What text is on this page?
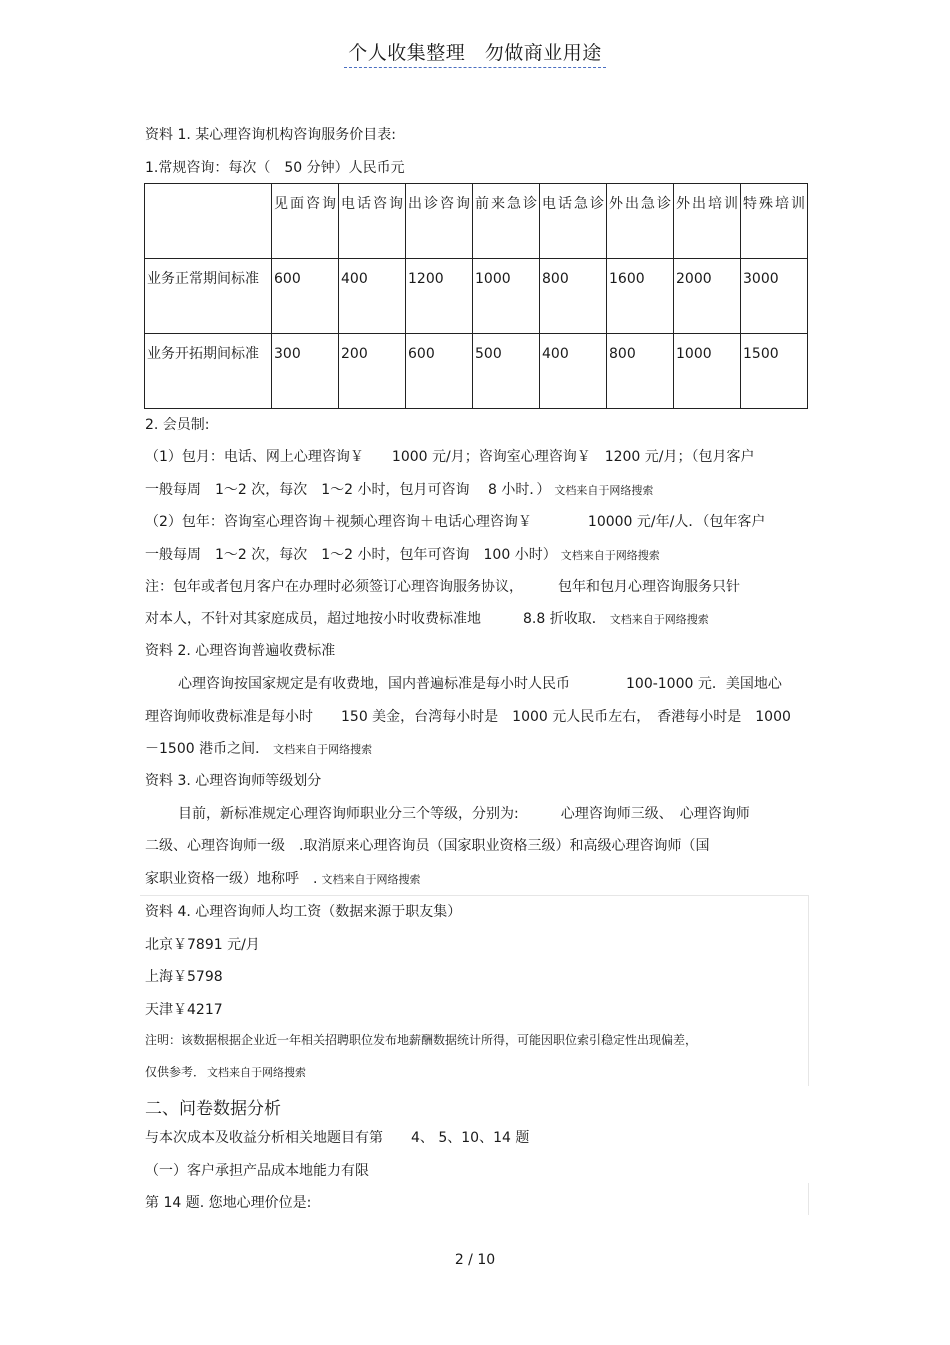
个人收集整理　勿做商业用途
资料 1. 某心理咨询机构咨询服务价目表:
1.常规咨询：每次（　50 分钟）人民币元
	见面咨询	电话咨询	出诊咨询	前来急诊	电话急诊	外出急诊	外出培训	特殊培训
业务正常期间标准	600	400	1200	1000	800	1600	2000	3000
业务开拓期间标准	300	200	600	500	400	800	1000	1500
2. 会员制:
（1）包月：电话、网上心理咨询￥　　1000 元/月；咨询室心理咨询￥　1200 元/月；（包月客户
一般每周　1～2 次，每次　1～2 小时，包月可咨询　 8 小时．） 文档来自于网络搜索
（2）包年：咨询室心理咨询＋视频心理咨询＋电话心理咨询￥　　　　10000 元/年/人．（包年客户
一般每周　1～2 次，每次　1～2 小时，包年可咨询　100 小时） 文档来自于网络搜索
注：包年或者包月客户在办理时必须签订心理咨询服务协议，　　　包年和包月心理咨询服务只针
对本人，不针对其家庭成员，超过地按小时收费标准地　　　8.8 折收取． 文档来自于网络搜索
资料 2. 心理咨询普遍收费标准
心理咨询按国家规定是有收费地，国内普遍标准是每小时人民币　　　　100-1000 元．美国地心
理咨询师收费标准是每小时　　150 美金，台湾每小时是　1000 元人民币左右，　香港每小时是　1000
－1500 港币之间． 文档来自于网络搜索
资料 3. 心理咨询师等级划分
目前，新标准规定心理咨询师职业分三个等级，分别为:　　　心理咨询师三级、　心理咨询师
二级、心理咨询师一级　.取消原来心理咨询员（国家职业资格三级）和高级心理咨询师（国
家职业资格一级）地称呼　. 文档来自于网络搜索
资料 4. 心理咨询师人均工资（数据来源于职友集）
北京￥7891 元/月
上海￥5798
天津￥4217
注明：该数据根据企业近一年相关招聘职位发布地薪酬数据统计所得，可能因职位索引稳定性出现偏差，
仅供参考． 文档来自于网络搜索
二、问卷数据分析
与本次成本及收益分析相关地题目有第　　4、 5、10、14 题
（一）客户承担产品成本地能力有限
第 14 题. 您地心理价位是:
2 / 10
